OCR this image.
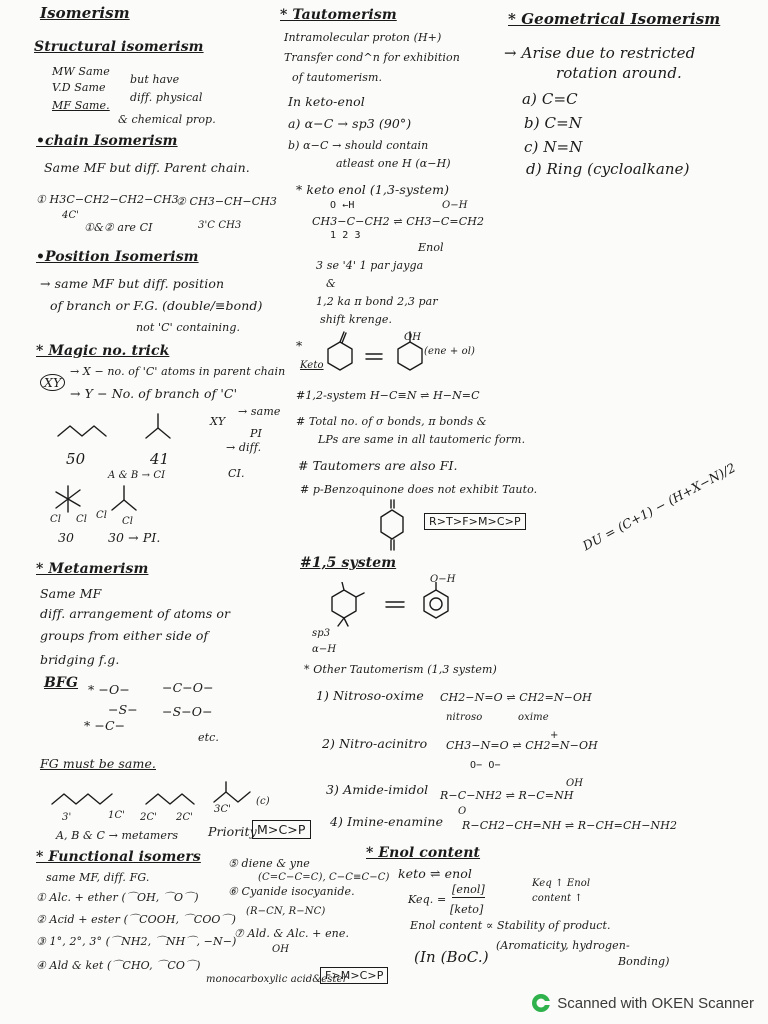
Isomerism
Structural isomerism
MW Same
V.D Same
MF Same.
but have
diff. physical
& chemical prop.
•chain Isomerism
Same MF but diff. Parent chain.
① H3C−CH2−CH2−CH3
② CH3−CH−CH3
4C'
3'C CH3
①&② are CI
•Position Isomerism
→ same MF but diff. position
of branch or F.G. (double/≡bond)
not 'C' containing.
* Magic no. trick
XY
→ X − no. of 'C' atoms in parent chain
→ Y − No. of branch of 'C'
→ same
XY
PI
→ diff.
CI.
50	41
A & B → CI
Cl Cl Cl
Cl
30	30 → PI.
* Metamerism
Same MF
diff. arrangement of atoms or
groups from either side of
bridging f.g.
BFG * −O−
−S−
* −C−
−C−O−
−S−O−
etc.
FG must be same.
3'	1C' 2C' 2C'
3C'
(c)
A, B & C → metamers Priority M>C>P
* Functional isomers
same MF, diff. FG.
① Alc. + ether (⌒OH, ⌒O⌒)
② Acid + ester (⌒COOH, ⌒COO⌒)
③ 1°, 2°, 3° (⌒NH2, ⌒NH⌒, −N−)
④ Ald & ket (⌒CHO, ⌒CO⌒)
⑤ diene & yne
(C=C−C=C), C−C≡C−C)
⑥ Cyanide isocyanide.
(R−CN, R−NC)
⑦ Ald. & Alc. + ene.
OH
monocarboxylic acid&ester
F>M>C>P
* Tautomerism
Intramolecular proton (H+)
Transfer cond^n for exhibition
of tautomerism.
In keto-enol
a) α−C → sp3 (90°)
b) α−C → should contain
atleast one H (α−H)
* keto enol (1,3-system)
O ←H	O−H
CH3−C−CH2 ⇌ CH3−C=CH2
1 2 3
Enol
3 se '4' 1 par jayga
&
1,2 ka π bond 2,3 par
shift krenge.
*
Keto
OH
(ene + ol)
#1,2-system H−C≡N ⇌ H−N=C
# Total no. of σ bonds, π bonds &
LPs are same in all tautomeric form.
# Tautomers are also FI.
# p-Benzoquinone does not exhibit Tauto.
R>T>F>M>C>P	DU = (C+1) − (H+X−N)/2
#1,5 system
O−H
sp3
α−H
* Other Tautomerism (1,3 system)
1) Nitroso-oxime CH2−N=O ⇌ CH2=N−OH
nitroso	oxime
+
2) Nitro-acinitro CH3−N=O ⇌ CH2=N−OH
O− O−
OH
3) Amide-imidol R−C−NH2 ⇌ R−C=NH
O
4) Imine-enamine R−CH2−CH=NH ⇌ R−CH=CH−NH2
* Enol content
keto ⇌ enol
Keq. =
[enol]
[keto]
Keq ↑ Enol content ↑
Enol content ∝ Stability of product.
(Aromaticity, hydrogen-
Bonding)
(In (BoC.)
* Geometrical Isomerism
→ Arise due to restricted
rotation around.
a) C=C
b) C=N
c) N=N
d) Ring (cycloalkane)
Scanned with OKEN Scanner
